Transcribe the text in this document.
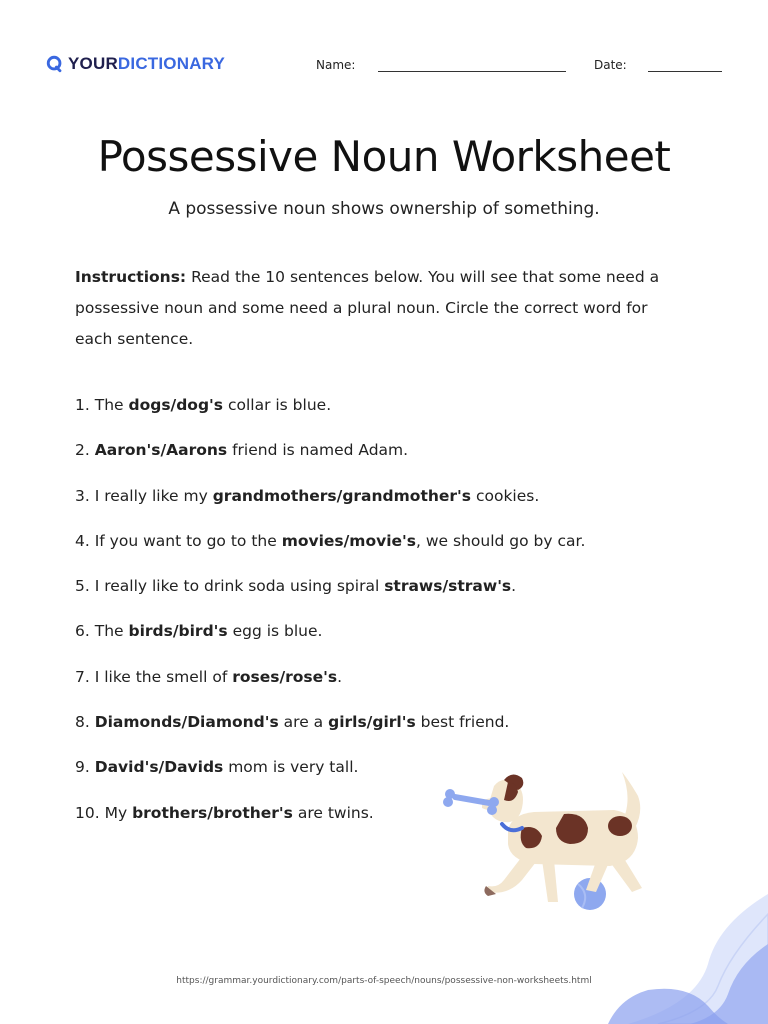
YOURDICTIONARY	Name:	Date:
Possessive Noun Worksheet
A possessive noun shows ownership of something.
Instructions: Read the 10 sentences below. You will see that some need a possessive noun and some need a plural noun. Circle the correct word for each sentence.
1. The dogs/dog's collar is blue.
2. Aaron's/Aarons friend is named Adam.
3. I really like my grandmothers/grandmother's cookies.
4. If you want to go to the movies/movie's, we should go by car.
5. I really like to drink soda using spiral straws/straw's.
6. The birds/bird's egg is blue.
7. I like the smell of roses/rose's.
8. Diamonds/Diamond's are a girls/girl's best friend.
9. David's/Davids mom is very tall.
10. My brothers/brother's are twins.
https://grammar.yourdictionary.com/parts-of-speech/nouns/possessive-non-worksheets.html
